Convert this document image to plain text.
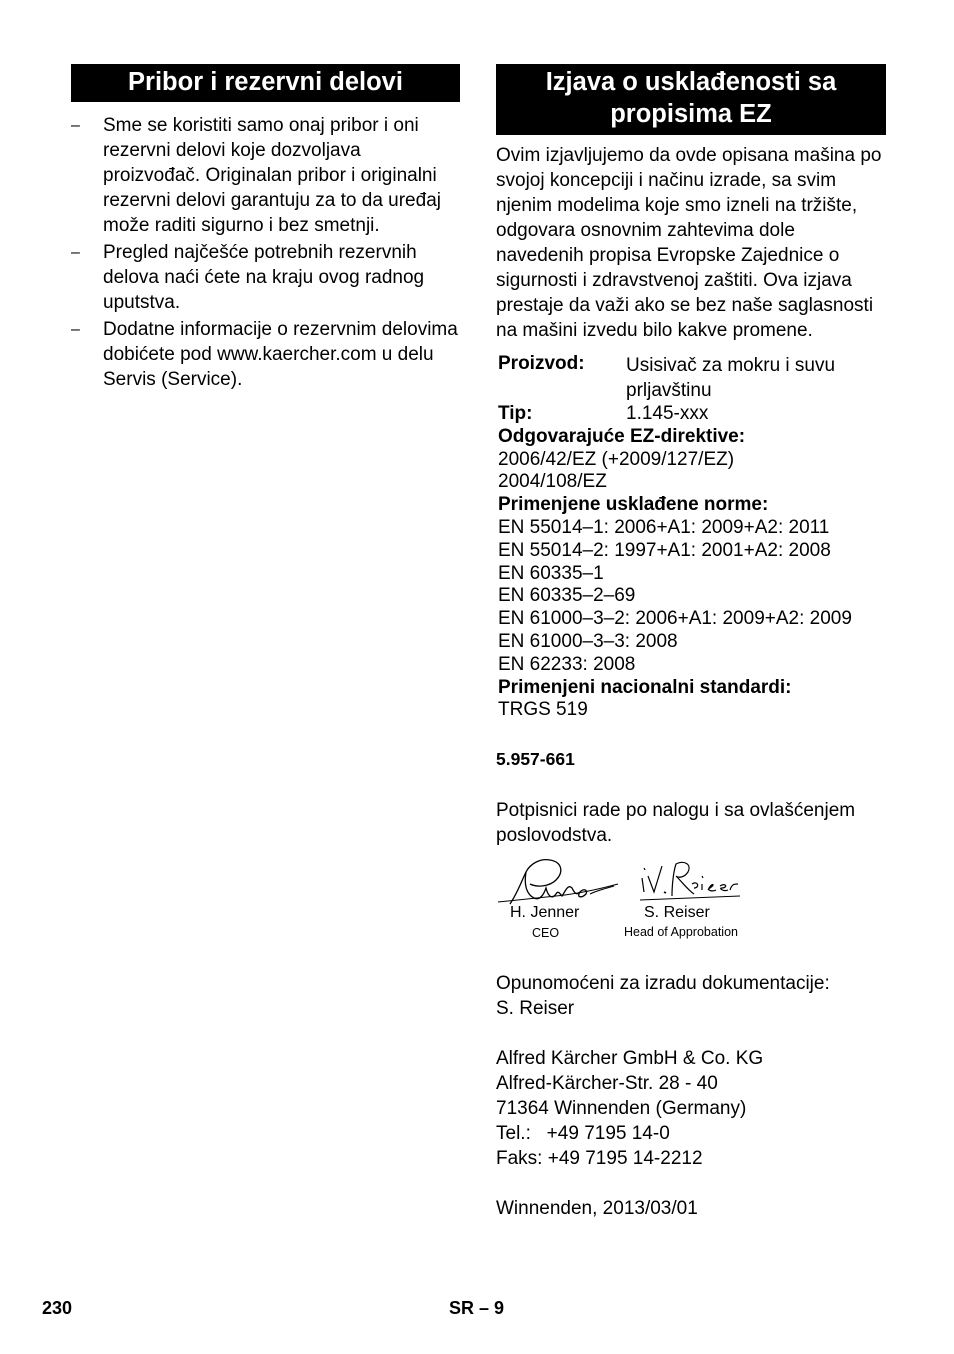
Pribor i rezervni delovi
– Sme se koristiti samo onaj pribor i oni rezervni delovi koje dozvoljava proizvođač. Originalan pribor i originalni rezervni delovi garantuju za to da uređaj može raditi sigurno i bez smetnji.
– Pregled najčešće potrebnih rezervnih delova naći ćete na kraju ovog radnog uputstva.
– Dodatne informacije o rezervnim delovima dobićete pod www.kaercher.com u delu Servis (Service).
Izjava o usklađenosti sa
propisima EZ
Ovim izjavljujemo da ovde opisana mašina po svojoj koncepciji i načinu izrade, sa svim njenim modelima koje smo izneli na tržište, odgovara osnovnim zahtevima dole navedenih propisa Evropske Zajednice o sigurnosti i zdravstvenoj zaštiti. Ova izjava prestaje da važi ako se bez naše saglasnosti na mašini izvedu bilo kakve promene.
Proizvod:	Usisivač za mokru i suvu prljavštinu
Tip:	1.145-xxx
Odgovarajuće EZ-direktive:
2006/42/EZ (+2009/127/EZ)
2004/108/EZ
Primenjene usklađene norme:
EN 55014–1: 2006+A1: 2009+A2: 2011
EN 55014–2: 1997+A1: 2001+A2: 2008
EN 60335–1
EN 60335–2–69
EN 61000–3–2: 2006+A1: 2009+A2: 2009
EN 61000–3–3: 2008
EN 62233: 2008
Primenjeni nacionalni standardi:
TRGS 519
5.957-661
Potpisnici rade po nalogu i sa ovlašćenjem poslovodstva.
H. Jenner
CEO
S. Reiser
Head of Approbation
Opunomoćeni za izradu dokumentacije:
S. Reiser
Alfred Kärcher GmbH & Co. KG
Alfred-Kärcher-Str. 28 - 40
71364 Winnenden (Germany)
Tel.:   +49 7195 14-0
Faks: +49 7195 14-2212
Winnenden, 2013/03/01
230	SR – 9
